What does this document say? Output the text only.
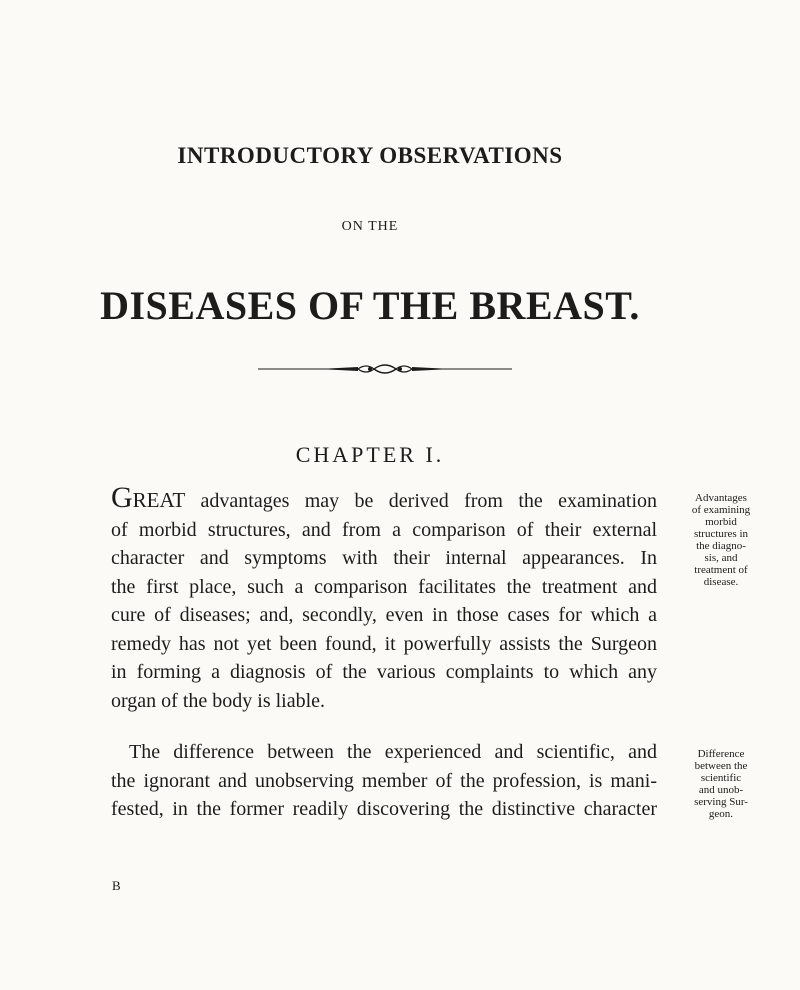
INTRODUCTORY OBSERVATIONS
ON THE
DISEASES OF THE BREAST.
CHAPTER I.
GREAT advantages may be derived from the examination
of morbid structures, and from a comparison of their external
character and symptoms with their internal appearances. In
the first place, such a comparison facilitates the treatment and
cure of diseases; and, secondly, even in those cases for which a
remedy has not yet been found, it powerfully assists the Surgeon
in forming a diagnosis of the various complaints to which any
organ of the body is liable.
The difference between the experienced and scientific, and
the ignorant and unobserving member of the profession, is mani-
fested, in the former readily discovering the distinctive character
Advantages
of examining
morbid
structures in
the diagno-
sis, and
treatment of
disease.
Difference
between the
scientific
and unob-
serving Sur-
geon.
B
